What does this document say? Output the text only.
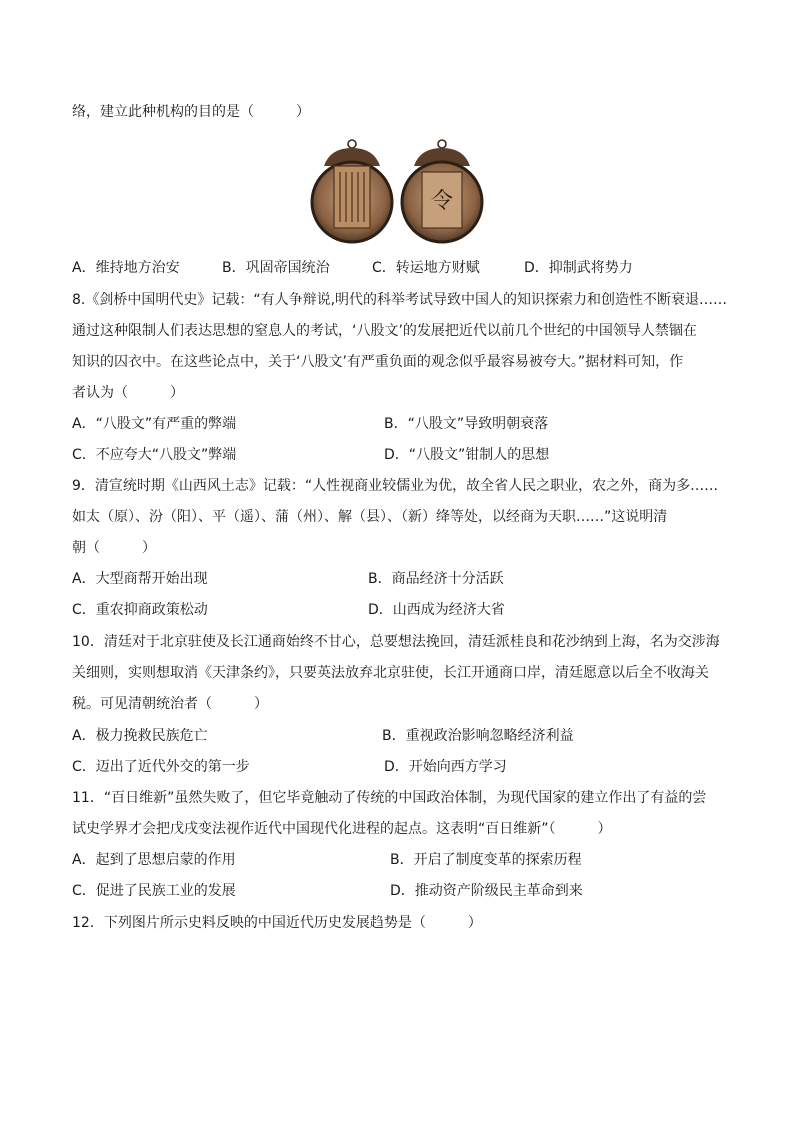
络，建立此种机构的目的是（　　　）
令
A．维持地方治安	B．巩固帝国统治	C．转运地方财赋	D．抑制武将势力
8.《剑桥中国明代史》记载：“有人争辩说,明代的科举考试导致中国人的知识探索力和创造性不断衰退……
通过这种限制人们表达思想的窒息人的考试，‘八股文’的发展把近代以前几个世纪的中国领导人禁锢在
知识的囚衣中。在这些论点中，关于‘八股文’有严重负面的观念似乎最容易被夸大。”据材料可知，作
者认为（　　　）
A．“八股文”有严重的弊端	B．“八股文”导致明朝衰落
C．不应夸大“八股文”弊端	D．“八股文”钳制人的思想
9．清宣统时期《山西风土志》记载：“人性视商业较儒业为优，故全省人民之职业，农之外，商为多……
如太（原）、汾（阳）、平（遥）、蒲（州）、解（县）、（新）绛等处，以经商为天职……”这说明清
朝（　　　）
A．大型商帮开始出现	B．商品经济十分活跃
C．重农抑商政策松动	D．山西成为经济大省
10．清廷对于北京驻使及长江通商始终不甘心，总要想法挽回，清廷派桂良和花沙纳到上海，名为交涉海
关细则，实则想取消《天津条约》，只要英法放弃北京驻使，长江开通商口岸，清廷愿意以后全不收海关
税。可见清朝统治者（　　　）
A．极力挽救民族危亡	B．重视政治影响忽略经济利益
C．迈出了近代外交的第一步	D．开始向西方学习
11．“百日维新”虽然失败了，但它毕竟触动了传统的中国政治体制，为现代国家的建立作出了有益的尝
试史学界才会把戊戌变法视作近代中国现代化进程的起点。这表明“百日维新”（　　　）
A．起到了思想启蒙的作用	B．开启了制度变革的探索历程
C．促进了民族工业的发展	D．推动资产阶级民主革命到来
12．下列图片所示史料反映的中国近代历史发展趋势是（　　　）
